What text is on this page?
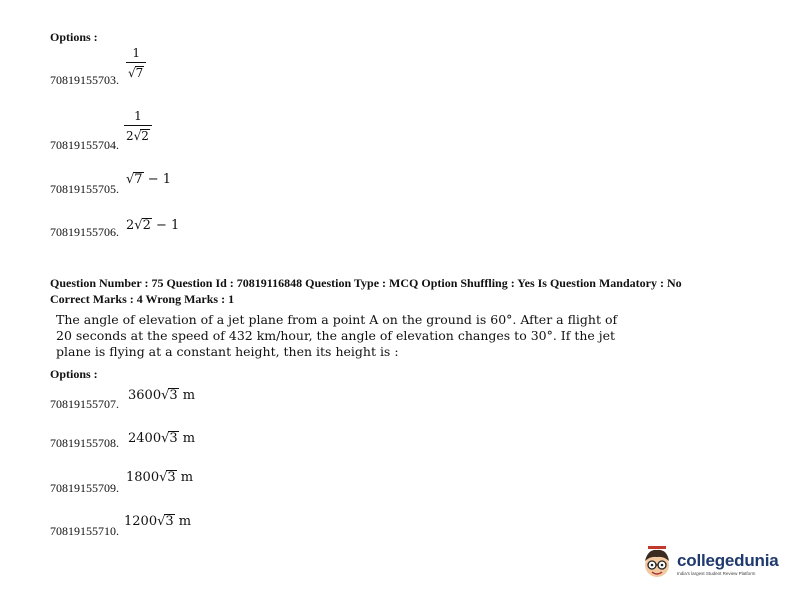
Options :
70819155703. $\frac{1}{√7}$
70819155704.
$\frac{1}{2√2}$
70819155705.
√7 − 1
70819155706. 2√2 − 1
Question Number : 75 Question Id : 70819116848 Question Type : MCQ Option Shuffling : Yes Is Question Mandatory : No
Correct Marks : 4 Wrong Marks : 1
The angle of elevation of a jet plane from a point A on the ground is 60°. After a flight of
20 seconds at the speed of 432 km/hour, the angle of elevation changes to 30°. If the jet
plane is flying at a constant height, then its height is :
Options :
70819155707.
3600√3 m
70819155708. 2400√3 m
70819155709.
1800√3 m
70819155710.
1200√3 m
collegedunia
India's largest Student Review Platform
